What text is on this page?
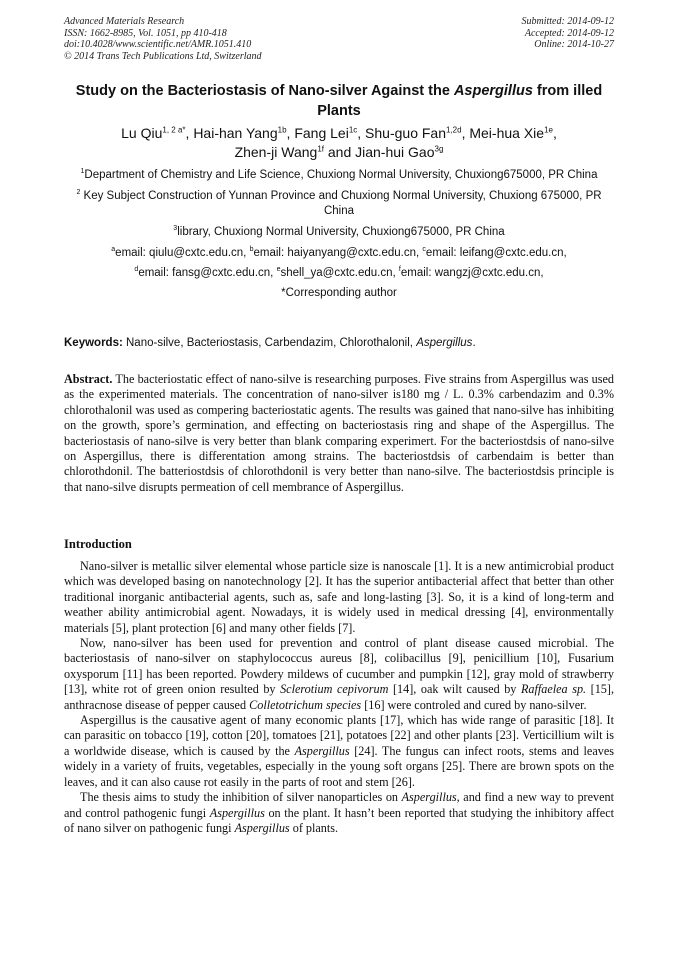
Advanced Materials Research
ISSN: 1662-8985, Vol. 1051, pp 410-418
doi:10.4028/www.scientific.net/AMR.1051.410
© 2014 Trans Tech Publications Ltd, Switzerland
Submitted: 2014-09-12
Accepted: 2014-09-12
Online: 2014-10-27
Study on the Bacteriostasis of Nano-silver Against the Aspergillus from illed Plants
Lu Qiu$^{1, 2 a*}$, Hai-han Yang$^{1b}$, Fang Lei$^{1c}$, Shu-guo Fan$^{1,2d}$, Mei-hua Xie$^{1e}$,
Zhen-ji Wang$^{1f}$ and Jian-hui Gao$^{3g}$

$^1$Department of Chemistry and Life Science, Chuxiong Normal University, Chuxiong675000, PR China

$^2$ Key Subject Construction of Yunnan Province and Chuxiong Normal University, Chuxiong 675000, PR China

$^3$library, Chuxiong Normal University, Chuxiong675000, PR China

$^a$email: qiulu@cxtc.edu.cn, $^b$email: haiyanyang@cxtc.edu.cn, $^c$email: leifang@cxtc.edu.cn,

$^d$email: fansg@cxtc.edu.cn, $^e$shell_ya@cxtc.edu.cn, $^f$email: wangzj@cxtc.edu.cn,

*Corresponding author

Keywords: Nano-silve, Bacteriostasis, Carbendazim, Chlorothalonil, Aspergillus.
Abstract. The bacteriostatic effect of nano-silve is researching purposes. Five strains from Aspergillus was used as the experimented materials. The concentration of nano-silver is180 mg / L. 0.3% carbendazim and 0.3% chlorothalonil was used as compering bacteriostatic agents. The results was gained that nano-silve has inhibiting on the growth, spore’s germination, and effecting on bacteriostasis ring and shape of the Aspergillus. The bacteriostasis of nano-silve is very better than blank comparing experimert. For the bacteriostdsis of nano-silve on Aspergillus, there is differentation among strains. The bacteriostdsis of carbendaim is better than chlorothdonil. The batteriostdsis of chlorothdonil is very better than nano-silve. The bacteriostdsis principle is that nano-silve disrupts permeation of cell membrance of Aspergillus.
Introduction

Nano-silver is metallic silver elemental whose particle size is nanoscale [1]. It is a new antimicrobial product which was developed basing on nanotechnology [2]. It has the superior antibacterial affect that better than other traditional inorganic antibacterial agents, such as, safe and long-lasting [3]. So, it is a kind of long-term and weather ability antimicrobial agent. Nowadays, it is widely used in medical dressing [4], environmentally materials [5], plant protection [6] and many other fields [7].

Now, nano-silver has been used for prevention and control of plant disease caused microbial. The bacteriostasis of nano-silver on staphylococcus aureus [8], colibacillus [9], penicillium [10], Fusarium oxysporum [11] has been reported. Powdery mildews of cucumber and pumpkin [12], gray mold of strawberry [13], white rot of green onion resulted by Sclerotium cepivorum [14], oak wilt caused by Raffaelea sp. [15], anthracnose disease of pepper caused Colletotrichum species [16] were controled and cured by nano-silver.

Aspergillus is the causative agent of many economic plants [17], which has wide range of parasitic [18]. It can parasitic on tobacco [19], cotton [20], tomatoes [21], potatoes [22] and other plants [23]. Verticillium wilt is a worldwide disease, which is caused by the Aspergillus [24]. The fungus can infect roots, stems and leaves widely in a variety of fruits, vegetables, especially in the young soft organs [25]. There are brown spots on the leaves, and it can also cause rot easily in the parts of root and stem [26].

The thesis aims to study the inhibition of silver nanoparticles on Aspergillus, and find a new way to prevent and control pathogenic fungi Aspergillus on the plant. It hasn’t been reported that studying the inhibitory affect of nano silver on pathogenic fungi Aspergillus of plants.
